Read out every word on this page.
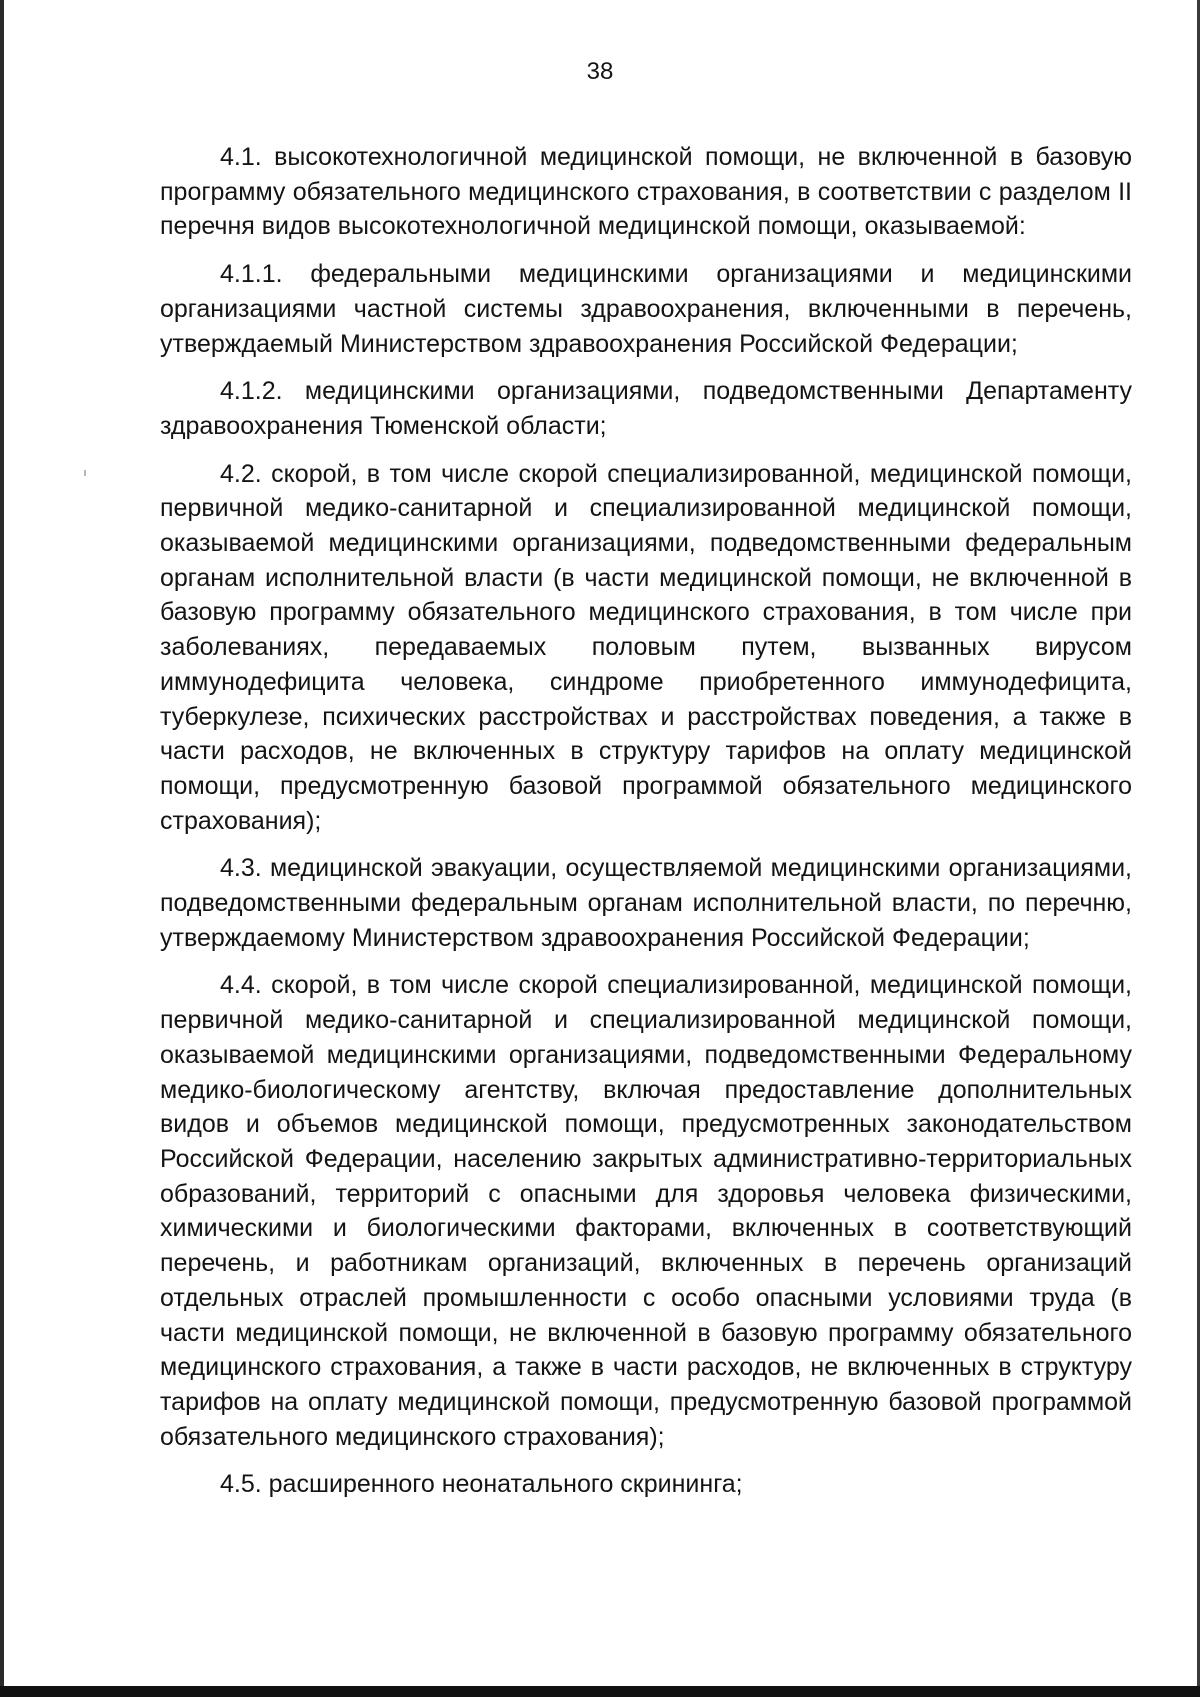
38

4.1. высокотехнологичной медицинской помощи, не включенной в базовую программу обязательного медицинского страхования, в соответствии с разделом II перечня видов высокотехнологичной медицинской помощи, оказываемой:

4.1.1. федеральными медицинскими организациями и медицинскими организациями частной системы здравоохранения, включенными в перечень, утверждаемый Министерством здравоохранения Российской Федерации;

4.1.2. медицинскими организациями, подведомственными Департаменту здравоохранения Тюменской области;

4.2. скорой, в том числе скорой специализированной, медицинской помощи, первичной медико-санитарной и специализированной медицинской помощи, оказываемой медицинскими организациями, подведомственными федеральным органам исполнительной власти (в части медицинской помощи, не включенной в базовую программу обязательного медицинского страхования, в том числе при заболеваниях, передаваемых половым путем, вызванных вирусом иммунодефицита человека, синдроме приобретенного иммунодефицита, туберкулезе, психических расстройствах и расстройствах поведения, а также в части расходов, не включенных в структуру тарифов на оплату медицинской помощи, предусмотренную базовой программой обязательного медицинского страхования);

4.3. медицинской эвакуации, осуществляемой медицинскими организациями, подведомственными федеральным органам исполнительной власти, по перечню, утверждаемому Министерством здравоохранения Российской Федерации;

4.4. скорой, в том числе скорой специализированной, медицинской помощи, первичной медико-санитарной и специализированной медицинской помощи, оказываемой медицинскими организациями, подведомственными Федеральному медико-биологическому агентству, включая предоставление дополнительных видов и объемов медицинской помощи, предусмотренных законодательством Российской Федерации, населению закрытых административно-территориальных образований, территорий с опасными для здоровья человека физическими, химическими и биологическими факторами, включенных в соответствующий перечень, и работникам организаций, включенных в перечень организаций отдельных отраслей промышленности с особо опасными условиями труда (в части медицинской помощи, не включенной в базовую программу обязательного медицинского страхования, а также в части расходов, не включенных в структуру тарифов на оплату медицинской помощи, предусмотренную базовой программой обязательного медицинского страхования);

4.5. расширенного неонатального скрининга;
